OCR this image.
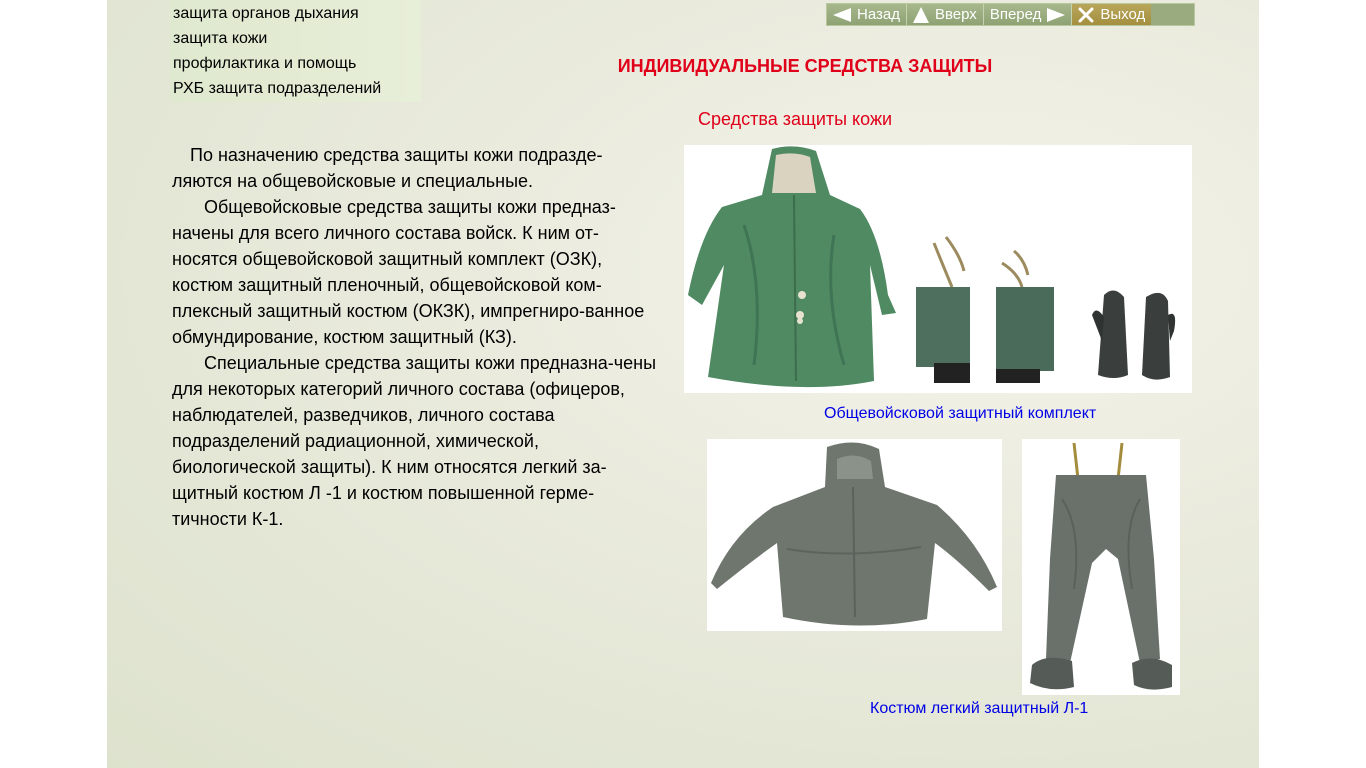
защита органов дыхания
защита кожи
профилактика и помощь
РХБ защита подразделений
Назад Вверх Вперед	Выход
ИНДИВИДУАЛЬНЫЕ СРЕДСТВА ЗАЩИТЫ
Средства защиты кожи

По назначению средства защиты кожи подразде-ляются на общевойсковые и специальные.

Общевойсковые средства защиты кожи предназ-начены для всего личного состава войск. К ним от-носятся общевойсковой защитный комплект (ОЗК), костюм защитный пленочный, общевойсковой ком-плексный защитный костюм (ОКЗК), импрегниро-ванное обмундирование, костюм защитный (КЗ).

Специальные средства защиты кожи предназна-чены для некоторых категорий личного состава (офицеров, наблюдателей, разведчиков, личного состава подразделений радиационной, химической, биологической защиты). К ним относятся легкий за-щитный костюм Л -1 и костюм повышенной герме-тичности К-1.

Общевойсковой защитный комплект
Костюм легкий защитный Л-1
